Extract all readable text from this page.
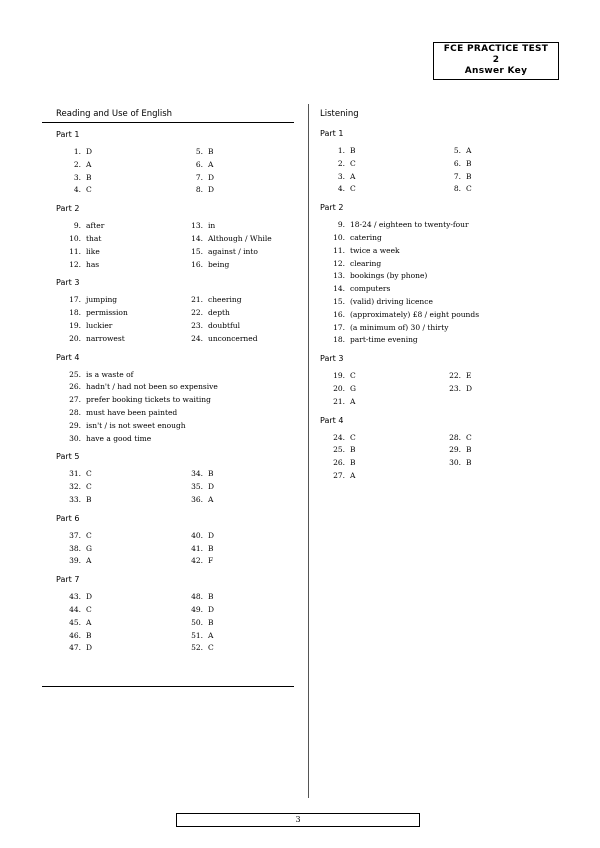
FCE PRACTICE TEST
2
Answer Key
Reading and Use of English
Part 1
1. D	5. B
2. A	6. A
3. B	7. D
4. C	8. D
Part 2
9. after	13. in
10. that	14. Although / While
11. like	15. against / into
12. has	16. being
Part 3
17. jumping	21. cheering
18. permission	22. depth
19. luckier	23. doubtful
20. narrowest	24. unconcerned
Part 4
25. is a waste of
26. hadn't / had not been so expensive
27. prefer booking tickets to waiting
28. must have been painted
29. isn't / is not sweet enough
30. have a good time
Part 5
31. C	34. B
32. C	35. D
33. B	36. A
Part 6
37. C	40. D
38. G	41. B
39. A	42. F
Part 7
43. D	48. B
44. C	49. D
45. A	50. B
46. B	51. A
47. D	52. C
Listening
Part 1
1. B	5. A
2. C	6. B
3. A	7. B
4. C	8. C
Part 2
9. 18-24 / eighteen to twenty-four
10. catering
11. twice a week
12. clearing
13. bookings (by phone)
14. computers
15. (valid) driving licence
16. (approximately) £8 / eight pounds
17. (a minimum of) 30 / thirty
18. part-time evening
Part 3
19. C	22. E
20. G	23. D
21. A
Part 4
24. C	28. C
25. B	29. B
26. B	30. B
27. A
3
